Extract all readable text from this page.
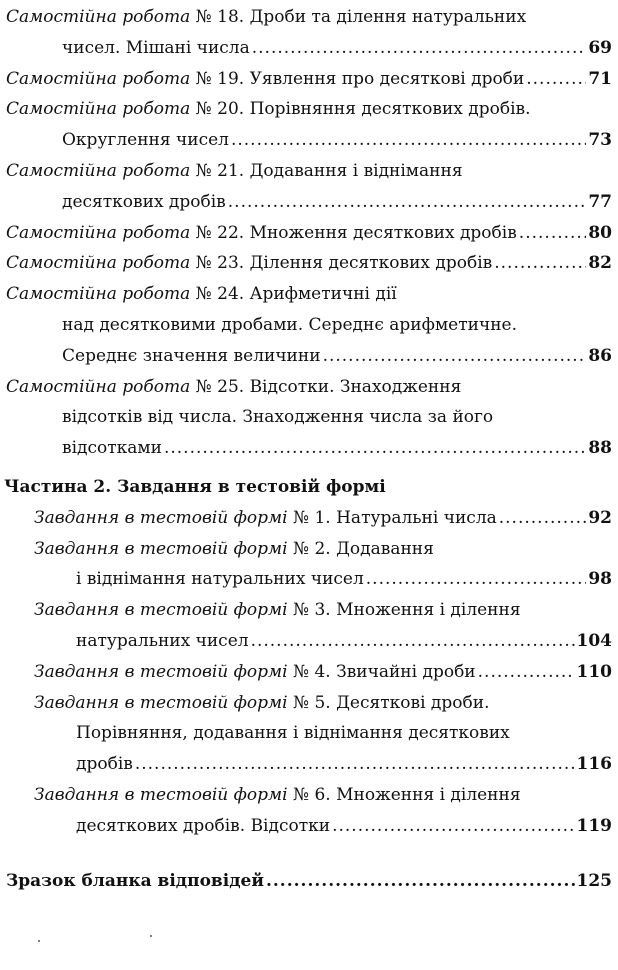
Самостійна робота № 18. Дроби та ділення натуральних
чисел. Мішані числа .....	69
Самостійна робота № 19. Уявлення про десяткові дроби .....	71
Самостійна робота № 20. Порівняння десяткових дробів.
Округлення чисел .....	73
Самостійна робота № 21. Додавання і віднімання
десяткових дробів .....	77
Самостійна робота № 22. Множення десяткових дробів .....	80
Самостійна робота № 23. Ділення десяткових дробів .....	82
Самостійна робота № 24. Арифметичні дії
над десятковими дробами. Середнє арифметичне.
Середнє значення величини .....	86
Самостійна робота № 25. Відсотки. Знаходження
відсотків від числа. Знаходження числа за його
відсотками .....	88
Частина 2. Завдання в тестовій формі
Завдання в тестовій формі № 1. Натуральні числа .....	92
Завдання в тестовій формі № 2. Додавання
і віднімання натуральних чисел .....	98
Завдання в тестовій формі № 3. Множення і ділення
натуральних чисел .....	104
Завдання в тестовій формі № 4. Звичайні дроби .....	110
Завдання в тестовій формі № 5. Десяткові дроби.
Порівняння, додавання і віднімання десяткових
дробів .....	116
Завдання в тестовій формі № 6. Множення і ділення
десяткових дробів. Відсотки .....	119
Зразок бланка відповідей .....	125
